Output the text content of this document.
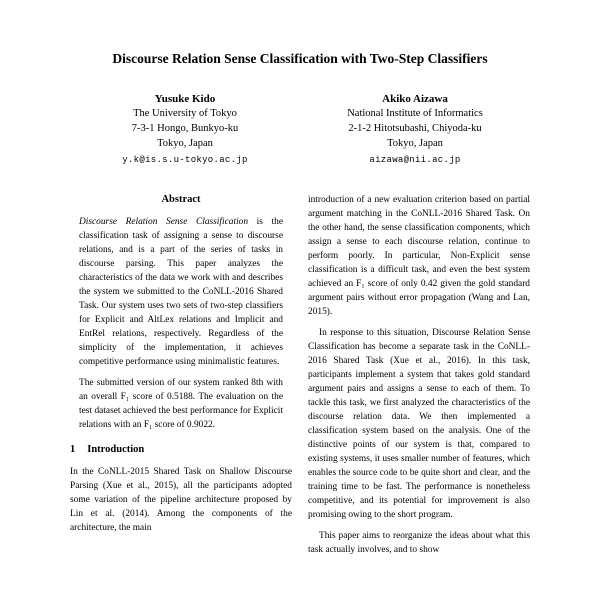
Discourse Relation Sense Classification with Two-Step Classifiers
Yusuke Kido
The University of Tokyo
7-3-1 Hongo, Bunkyo-ku
Tokyo, Japan
y.k@is.s.u-tokyo.ac.jp
Akiko Aizawa
National Institute of Informatics
2-1-2 Hitotsubashi, Chiyoda-ku
Tokyo, Japan
aizawa@nii.ac.jp
Abstract

Discourse Relation Sense Classification is the classification task of assigning a sense to discourse relations, and is a part of the series of tasks in discourse parsing. This paper analyzes the characteristics of the data we work with and describes the system we submitted to the CoNLL-2016 Shared Task. Our system uses two sets of two-step classifiers for Explicit and AltLex relations and Implicit and EntRel relations, respectively. Regardless of the simplicity of the implementation, it achieves competitive performance using minimalistic features.

The submitted version of our system ranked 8th with an overall F₁ score of 0.5188. The evaluation on the test dataset achieved the best performance for Explicit relations with an F₁ score of 0.9022.

1 Introduction

In the CoNLL-2015 Shared Task on Shallow Discourse Parsing (Xue et al., 2015), all the participants adopted some variation of the pipeline architecture proposed by Lin et al. (2014). Among the components of the architecture, the main

introduction of a new evaluation criterion based on partial argument matching in the CoNLL-2016 Shared Task. On the other hand, the sense classification components, which assign a sense to each discourse relation, continue to perform poorly. In particular, Non-Explicit sense classification is a difficult task, and even the best system achieved an F₁ score of only 0.42 given the gold standard argument pairs without error propagation (Wang and Lan, 2015).

In response to this situation, Discourse Relation Sense Classification has become a separate task in the CoNLL-2016 Shared Task (Xue et al., 2016). In this task, participants implement a system that takes gold standard argument pairs and assigns a sense to each of them. To tackle this task, we first analyzed the characteristics of the discourse relation data. We then implemented a classification system based on the analysis. One of the distinctive points of our system is that, compared to existing systems, it uses smaller number of features, which enables the source code to be quite short and clear, and the training time to be fast. The performance is nonetheless competitive, and its potential for improvement is also promising owing to the short program.

This paper aims to reorganize the ideas about what this task actually involves, and to show
